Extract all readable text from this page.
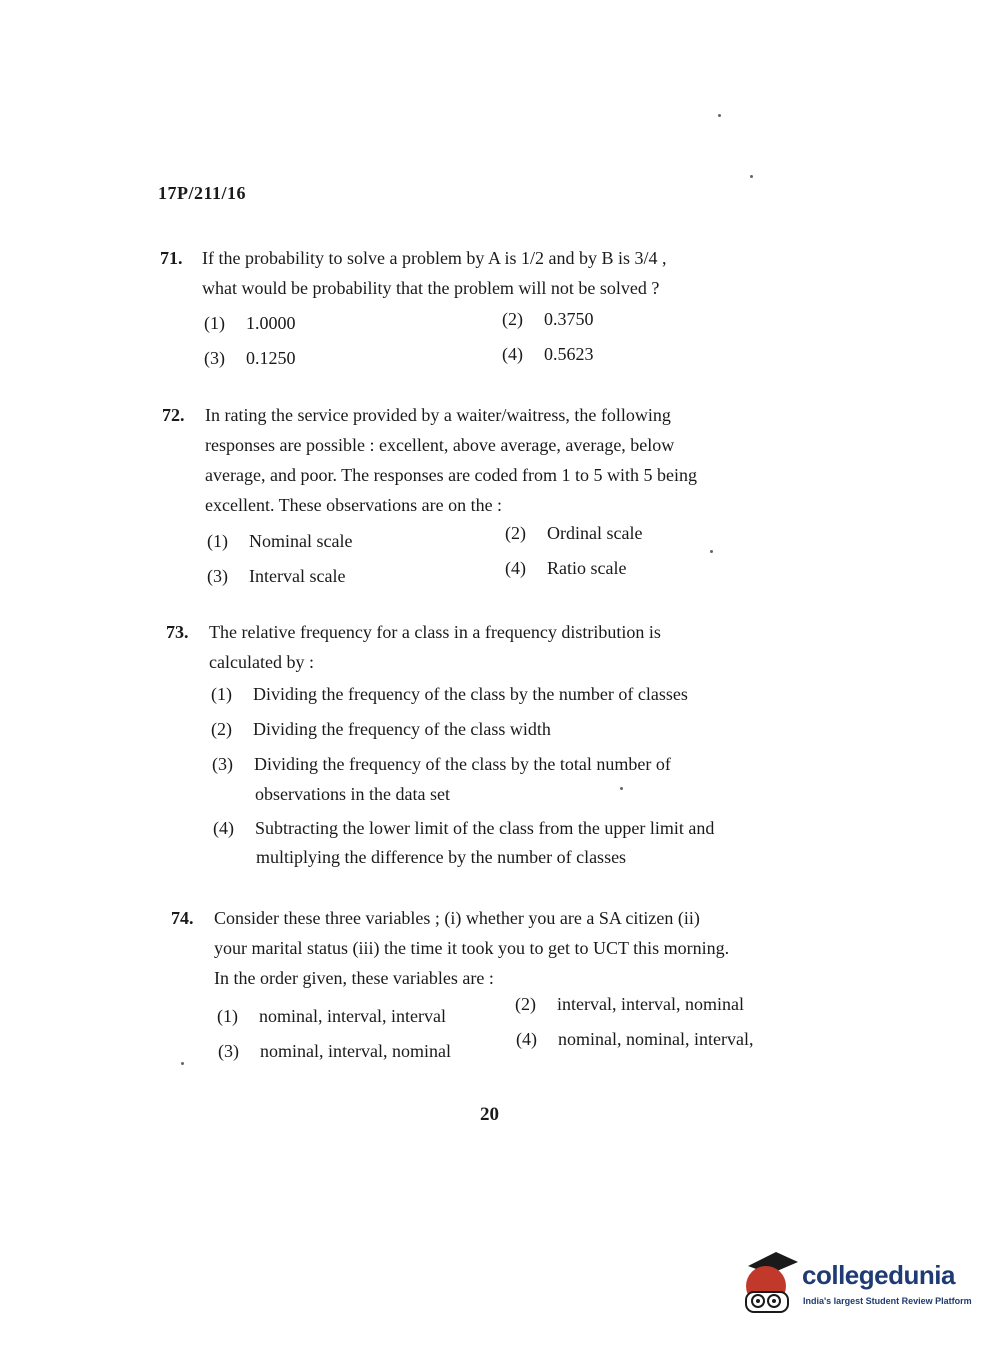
17P/211/16
71. If the probability to solve a problem by A is 1/2 and by B is 3/4 ,
what would be probability that the problem will not be solved ?
(1) 1.0000	(2) 0.3750
(3) 0.1250	(4) 0.5623
72. In rating the service provided by a waiter/waitress, the following
responses are possible : excellent, above average, average, below
average, and poor. The responses are coded from 1 to 5 with 5 being
excellent. These observations are on the :
(1) Nominal scale	(2) Ordinal scale
(3) Interval scale	(4) Ratio scale
73. The relative frequency for a class in a frequency distribution is
calculated by :
(1) Dividing the frequency of the class by the number of classes
(2) Dividing the frequency of the class width
(3) Dividing the frequency of the class by the total number of
observations in the data set
(4) Subtracting the lower limit of the class from the upper limit and
multiplying the difference by the number of classes
74. Consider these three variables ; (i) whether you are a SA citizen (ii)
your marital status (iii) the time it took you to get to UCT this morning.
In the order given, these variables are :
(1) nominal, interval, interval
(2) interval, interval, nominal
(3) nominal, interval, nominal
(4) nominal, nominal, interval,
20
collegedunia
India's largest Student Review Platform
